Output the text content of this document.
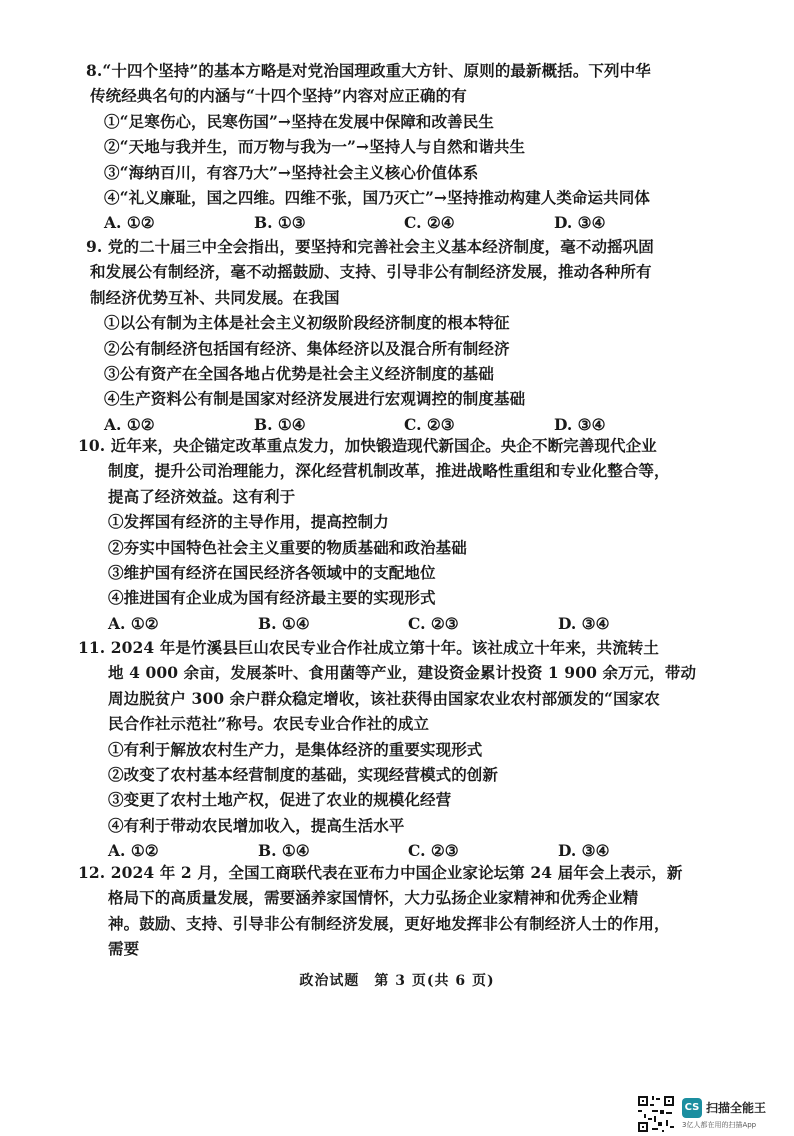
8.“十四个坚持”的基本方略是对党治国理政重大方针、原则的最新概括。下列中华
传统经典名句的内涵与“十四个坚持”内容对应正确的有
①“足寒伤心，民寒伤国”→坚持在发展中保障和改善民生
②“天地与我并生，而万物与我为一”→坚持人与自然和谐共生
③“海纳百川，有容乃大”→坚持社会主义核心价值体系
④“礼义廉耻，国之四维。四维不张，国乃灭亡”→坚持推动构建人类命运共同体
A. ①②	B. ①③	C. ②④	D. ③④
9. 党的二十届三中全会指出，要坚持和完善社会主义基本经济制度，毫不动摇巩固
和发展公有制经济，毫不动摇鼓励、支持、引导非公有制经济发展，推动各种所有
制经济优势互补、共同发展。在我国
①以公有制为主体是社会主义初级阶段经济制度的根本特征
②公有制经济包括国有经济、集体经济以及混合所有制经济
③公有资产在全国各地占优势是社会主义经济制度的基础
④生产资料公有制是国家对经济发展进行宏观调控的制度基础
A. ①②	B. ①④	C. ②③	D. ③④
10. 近年来，央企锚定改革重点发力，加快锻造现代新国企。央企不断完善现代企业
制度，提升公司治理能力，深化经营机制改革，推进战略性重组和专业化整合等，
提高了经济效益。这有利于
①发挥国有经济的主导作用，提高控制力
②夯实中国特色社会主义重要的物质基础和政治基础
③维护国有经济在国民经济各领域中的支配地位
④推进国有企业成为国有经济最主要的实现形式
A. ①②	B. ①④	C. ②③	D. ③④
11. 2024 年是竹溪县巨山农民专业合作社成立第十年。该社成立十年来，共流转土
地 4 000 余亩，发展茶叶、食用菌等产业，建设资金累计投资 1 900 余万元，带动
周边脱贫户 300 余户群众稳定增收，该社获得由国家农业农村部颁发的“国家农
民合作社示范社”称号。农民专业合作社的成立
①有利于解放农村生产力，是集体经济的重要实现形式
②改变了农村基本经营制度的基础，实现经营模式的创新
③变更了农村土地产权，促进了农业的规模化经营
④有利于带动农民增加收入，提高生活水平
A. ①②	B. ①④	C. ②③	D. ③④
12. 2024 年 2 月，全国工商联代表在亚布力中国企业家论坛第 24 届年会上表示，新
格局下的高质量发展，需要涵养家国情怀，大力弘扬企业家精神和优秀企业精
神。鼓励、支持、引导非公有制经济发展，更好地发挥非公有制经济人士的作用，
需要
政治试题　第 3 页(共 6 页)
CS 扫描全能王
3亿人都在用的扫描App
